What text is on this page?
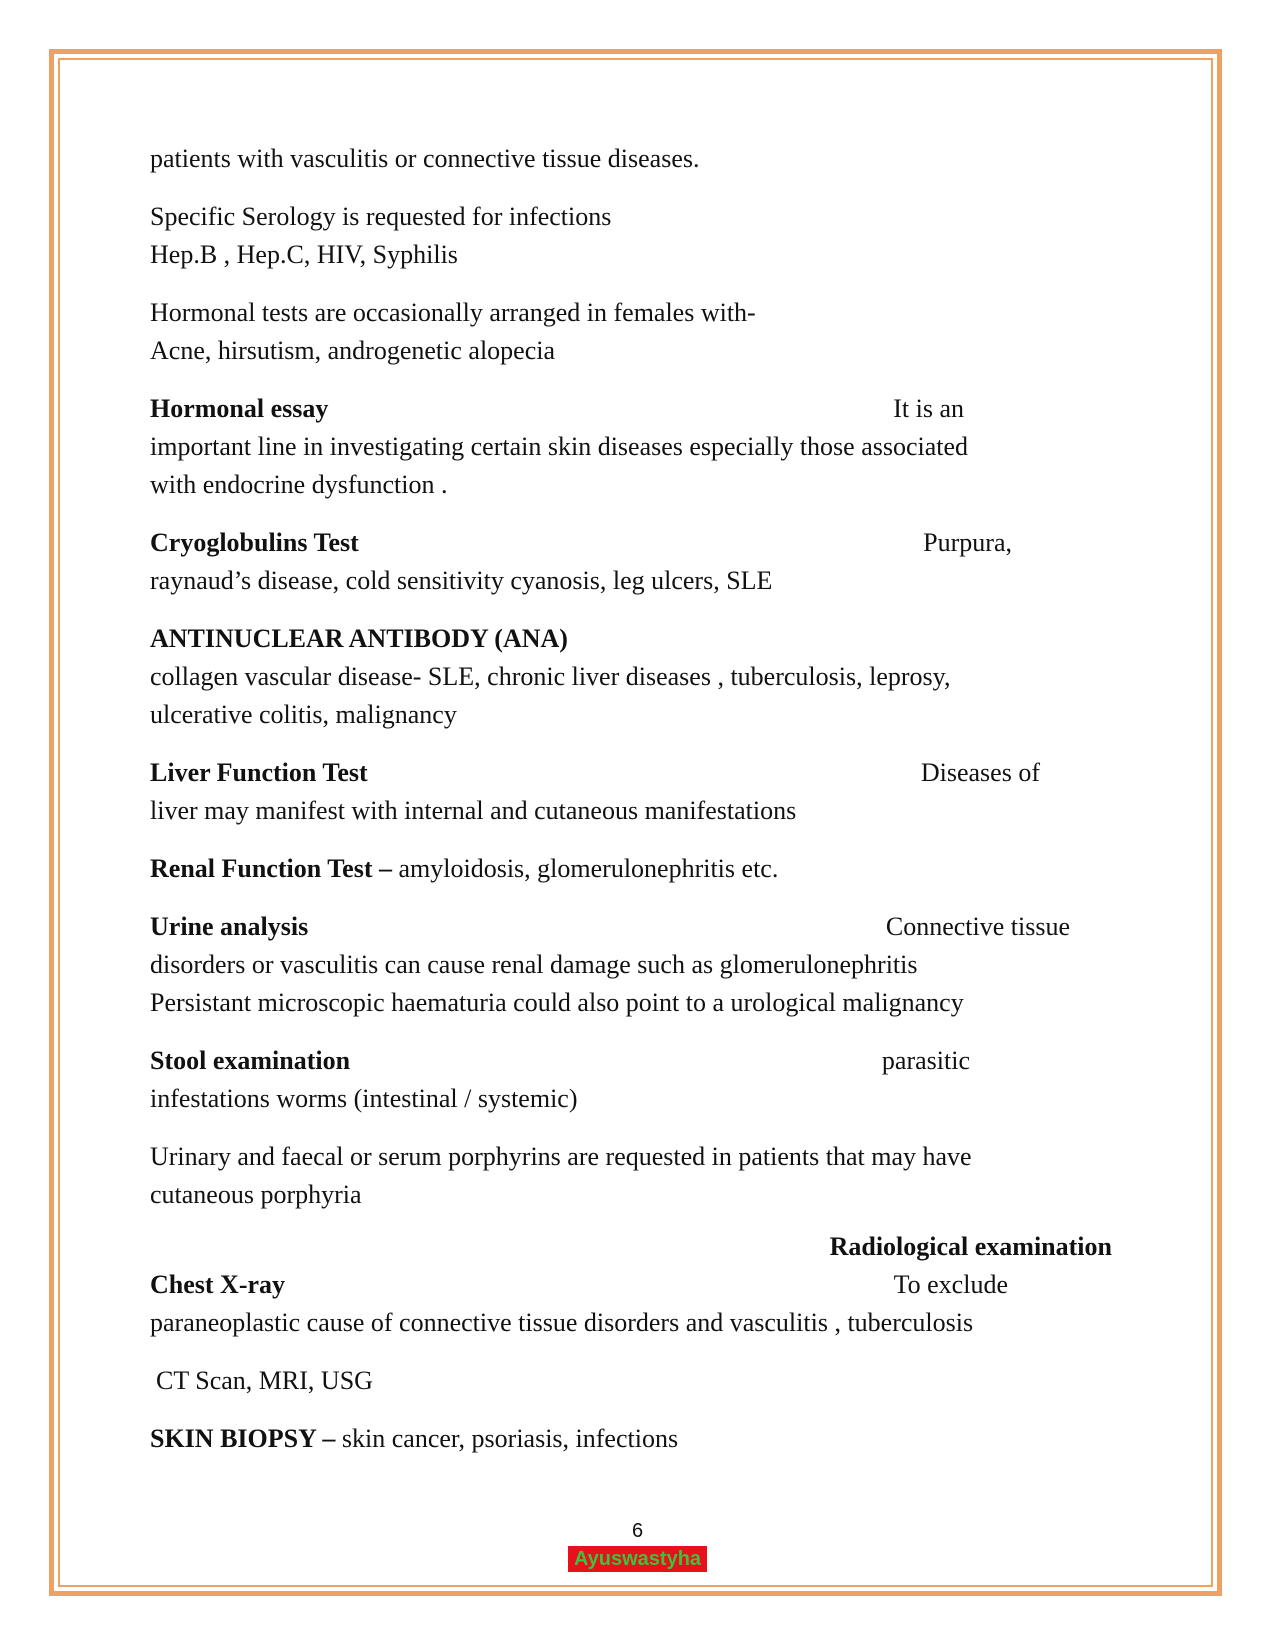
patients with vasculitis or connective tissue diseases.

Specific Serology is requested for infections
Hep.B , Hep.C, HIV, Syphilis

Hormonal tests are occasionally arranged in females with-
Acne, hirsutism, androgenetic alopecia

Hormonal essay	It is an
important line in investigating certain skin diseases especially those associated
with endocrine dysfunction .

Cryoglobulins Test	Purpura,
raynaud’s disease, cold sensitivity cyanosis, leg ulcers, SLE

ANTINUCLEAR ANTIBODY (ANA)
collagen vascular disease- SLE, chronic liver diseases , tuberculosis, leprosy,
ulcerative colitis, malignancy

Liver Function Test	Diseases of
liver may manifest with internal and cutaneous manifestations

Renal Function Test – amyloidosis, glomerulonephritis etc.

Urine analysis	Connective tissue
disorders or vasculitis can cause renal damage such as glomerulonephritis
Persistant microscopic haematuria could also point to a urological malignancy

Stool examination	parasitic
infestations worms (intestinal / systemic)

Urinary and faecal or serum porphyrins are requested in patients that may have
cutaneous porphyria

Radiological examination
Chest X-ray	To exclude
paraneoplastic cause of connective tissue disorders and vasculitis , tuberculosis

CT Scan, MRI, USG

SKIN BIOPSY – skin cancer, psoriasis, infections

6
Ayuswastyha
